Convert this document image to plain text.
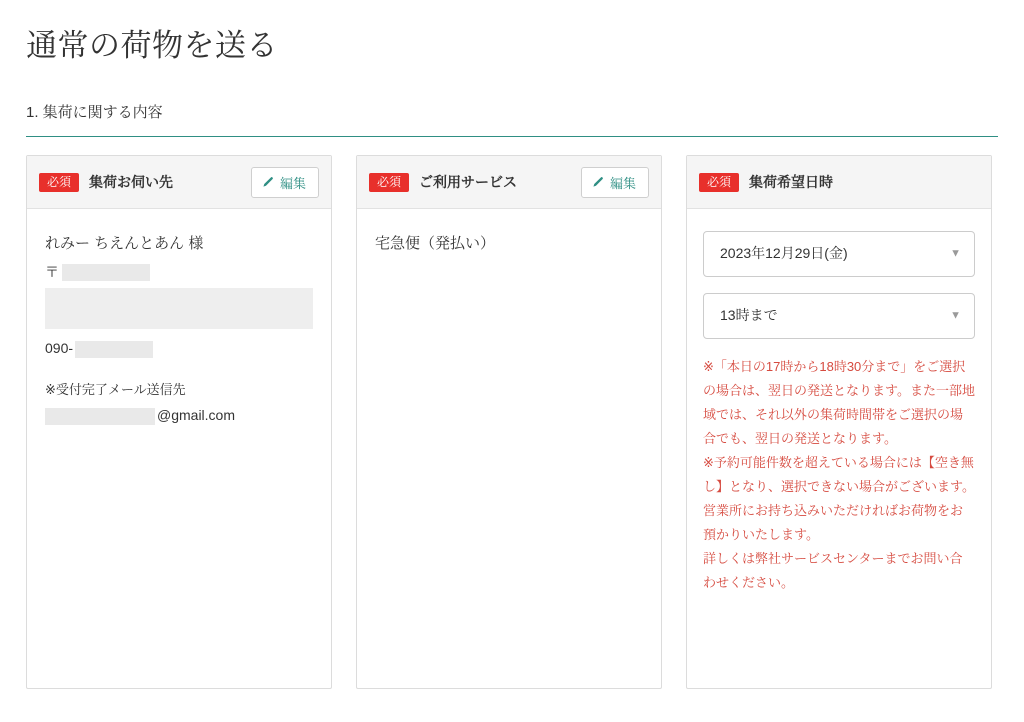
通常の荷物を送る
1. 集荷に関する内容
必須	集荷お伺い先	編集
れみー ちえんとあん 様
〒
090-
※受付完了メール送信先
@gmail.com
必須	ご利用サービス	編集
宅急便（発払い）
必須	集荷希望日時
2023年12月29日(金)	▼
13時まで	▼

※「本日の17時から18時30分まで」をご選択の場合は、翌日の発送となります。また一部地域では、それ以外の集荷時間帯をご選択の場合でも、翌日の発送となります。

※予約可能件数を超えている場合には【空き無し】となり、選択できない場合がございます。

営業所にお持ち込みいただければお荷物をお預かりいたします。

詳しくは弊社サービスセンターまでお問い合わせください。
